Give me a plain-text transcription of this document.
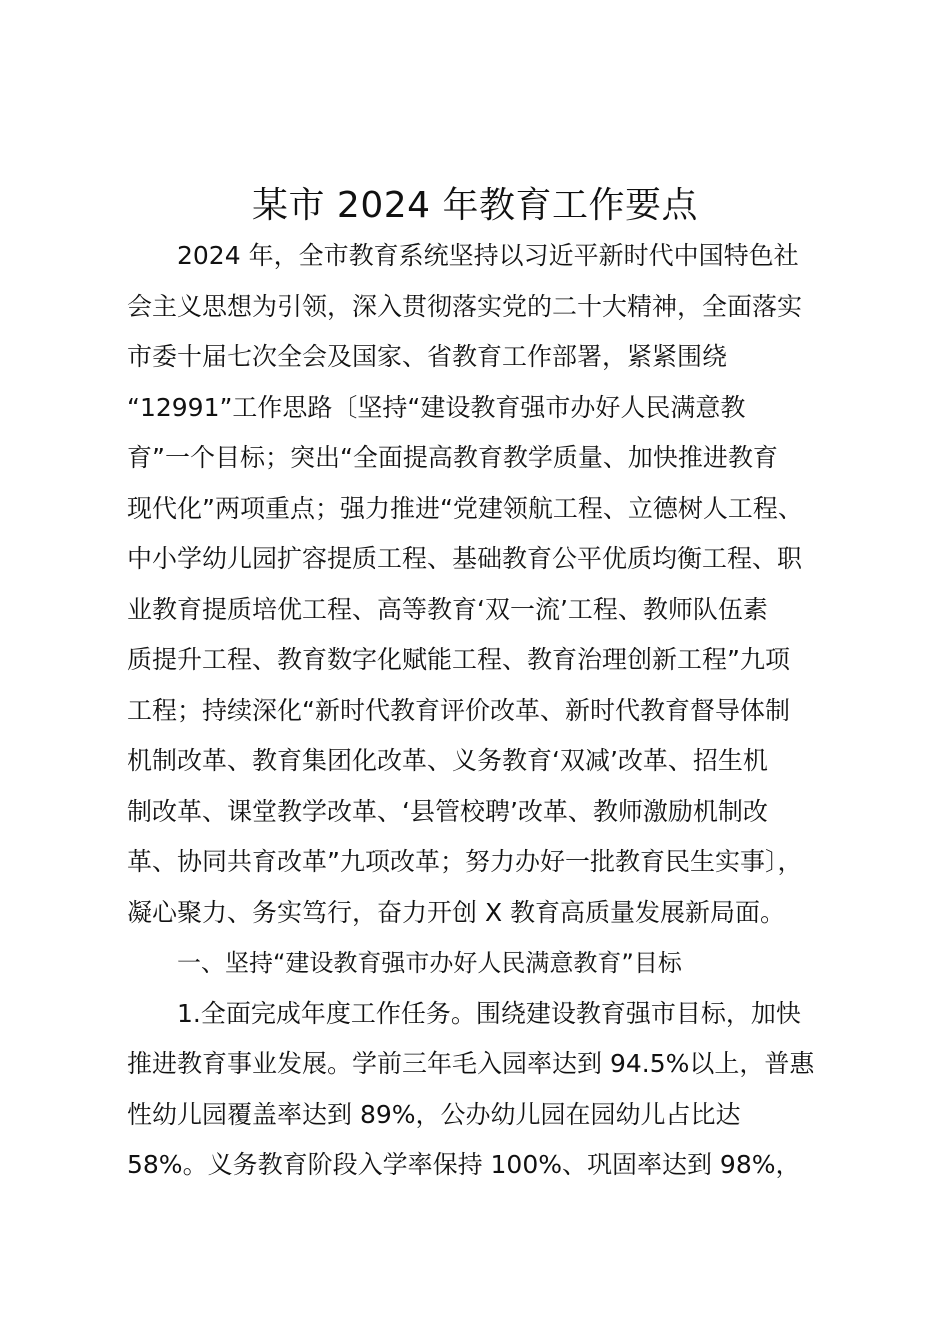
某市 2024 年教育工作要点
2024 年，全市教育系统坚持以习近平新时代中国特色社
会主义思想为引领，深入贯彻落实党的二十大精神，全面落实
市委十届七次全会及国家、省教育工作部署，紧紧围绕
“12991”工作思路〔坚持“建设教育强市办好人民满意教
育”一个目标；突出“全面提高教育教学质量、加快推进教育
现代化”两项重点；强力推进“党建领航工程、立德树人工程、
中小学幼儿园扩容提质工程、基础教育公平优质均衡工程、职
业教育提质培优工程、高等教育‘双一流’工程、教师队伍素
质提升工程、教育数字化赋能工程、教育治理创新工程”九项
工程；持续深化“新时代教育评价改革、新时代教育督导体制
机制改革、教育集团化改革、义务教育‘双减’改革、招生机
制改革、课堂教学改革、‘县管校聘’改革、教师激励机制改
革、协同共育改革”九项改革；努力办好一批教育民生实事〕，
凝心聚力、务实笃行，奋力开创 X 教育高质量发展新局面。
一、坚持“建设教育强市办好人民满意教育”目标
1.全面完成年度工作任务。围绕建设教育强市目标，加快
推进教育事业发展。学前三年毛入园率达到 94.5%以上，普惠
性幼儿园覆盖率达到 89%，公办幼儿园在园幼儿占比达
58%。义务教育阶段入学率保持 100%、巩固率达到 98%，
